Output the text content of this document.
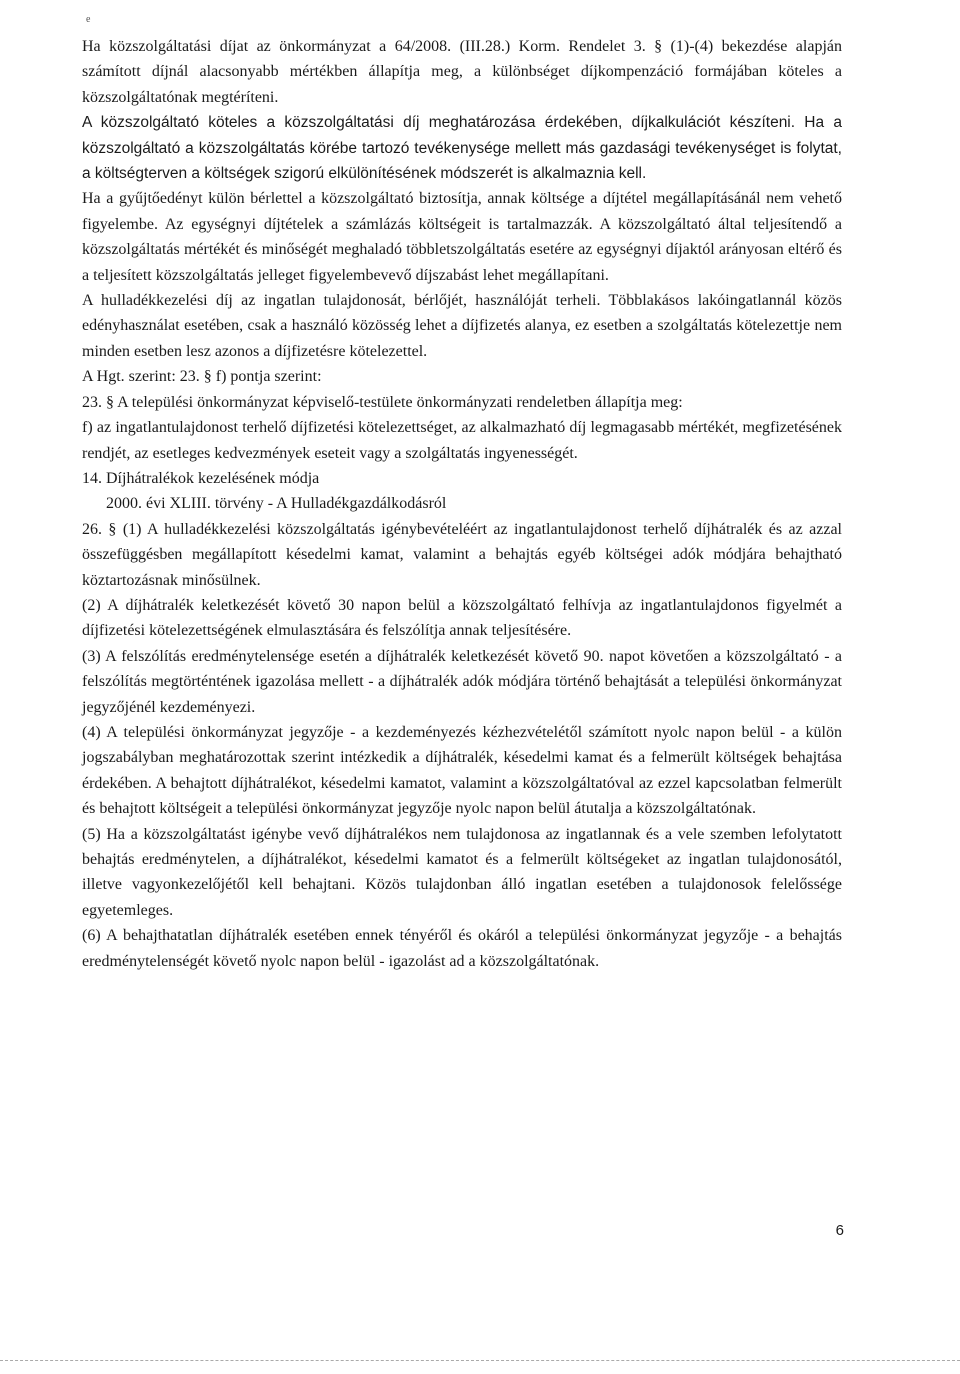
e

Ha közszolgáltatási díjat az önkormányzat a 64/2008. (III.28.) Korm. Rendelet 3. § (1)-(4) bekezdése alapján számított díjnál alacsonyabb mértékben állapítja meg, a különbséget díjkompenzáció formájában köteles a közszolgáltatónak megtéríteni.

A közszolgáltató köteles a közszolgáltatási díj meghatározása érdekében, díjkalkulációt készíteni. Ha a közszolgáltató a közszolgáltatás körébe tartozó tevékenysége mellett más gazdasági tevékenységet is folytat, a költségterven a költségek szigorú elkülönítésének módszerét is alkalmaznia kell.

Ha a gyűjtőedényt külön bérlettel a közszolgáltató biztosítja, annak költsége a díjtétel megállapításánál nem vehető figyelembe. Az egységnyi díjtételek a számlázás költségeit is tartalmazzák. A közszolgáltató által teljesítendő a közszolgáltatás mértékét és minőségét meghaladó többletszolgáltatás esetére az egységnyi díjaktól arányosan eltérő és a teljesített közszolgáltatás jelleget figyelembevevő díjszabást lehet megállapítani.

A hulladékkezelési díj az ingatlan tulajdonosát, bérlőjét, használóját terheli. Többlakásos lakóingatlannál közös edényhasználat esetében, csak a használó közösség lehet a díjfizetés alanya, ez esetben a szolgáltatás kötelezettje nem minden esetben lesz azonos a díjfizetésre kötelezettel.

A Hgt. szerint: 23. § f) pontja szerint:

23. § A települési önkormányzat képviselő-testülete önkormányzati rendeletben állapítja meg:

f) az ingatlantulajdonost terhelő díjfizetési kötelezettséget, az alkalmazható díj legmagasabb mértékét, megfizetésének rendjét, az esetleges kedvezmények eseteit vagy a szolgáltatás ingyenességét.

14. Díjhátralékok kezelésének módja

2000. évi XLIII. törvény - A Hulladékgazdálkodásról

26. § (1) A hulladékkezelési közszolgáltatás igénybevételéért az ingatlantulajdonost terhelő díjhátralék és az azzal összefüggésben megállapított késedelmi kamat, valamint a behajtás egyéb költségei adók módjára behajtható köztartozásnak minősülnek.

(2) A díjhátralék keletkezését követő 30 napon belül a közszolgáltató felhívja az ingatlantulajdonos figyelmét a díjfizetési kötelezettségének elmulasztására és felszólítja annak teljesítésére.

(3) A felszólítás eredménytelensége esetén a díjhátralék keletkezését követő 90. napot követően a közszolgáltató - a felszólítás megtörténtének igazolása mellett - a díjhátralék adók módjára történő behajtását a települési önkormányzat jegyzőjénél kezdeményezi.

(4) A települési önkormányzat jegyzője - a kezdeményezés kézhezvételétől számított nyolc napon belül - a külön jogszabályban meghatározottak szerint intézkedik a díjhátralék, késedelmi kamat és a felmerült költségek behajtása érdekében. A behajtott díjhátralékot, késedelmi kamatot, valamint a közszolgáltatóval az ezzel kapcsolatban felmerült és behajtott költségeit a települési önkormányzat jegyzője nyolc napon belül átutalja a közszolgáltatónak.

(5) Ha a közszolgáltatást igénybe vevő díjhátralékos nem tulajdonosa az ingatlannak és a vele szemben lefolytatott behajtás eredménytelen, a díjhátralékot, késedelmi kamatot és a felmerült költségeket az ingatlan tulajdonosától, illetve vagyonkezelőjétől kell behajtani. Közös tulajdonban álló ingatlan esetében a tulajdonosok felelőssége egyetemleges.

(6) A behajthatatlan díjhátralék esetében ennek tényéről és okáról a települési önkormányzat jegyzője - a behajtás eredménytelenségét követő nyolc napon belül - igazolást ad a közszolgáltatónak.

6
